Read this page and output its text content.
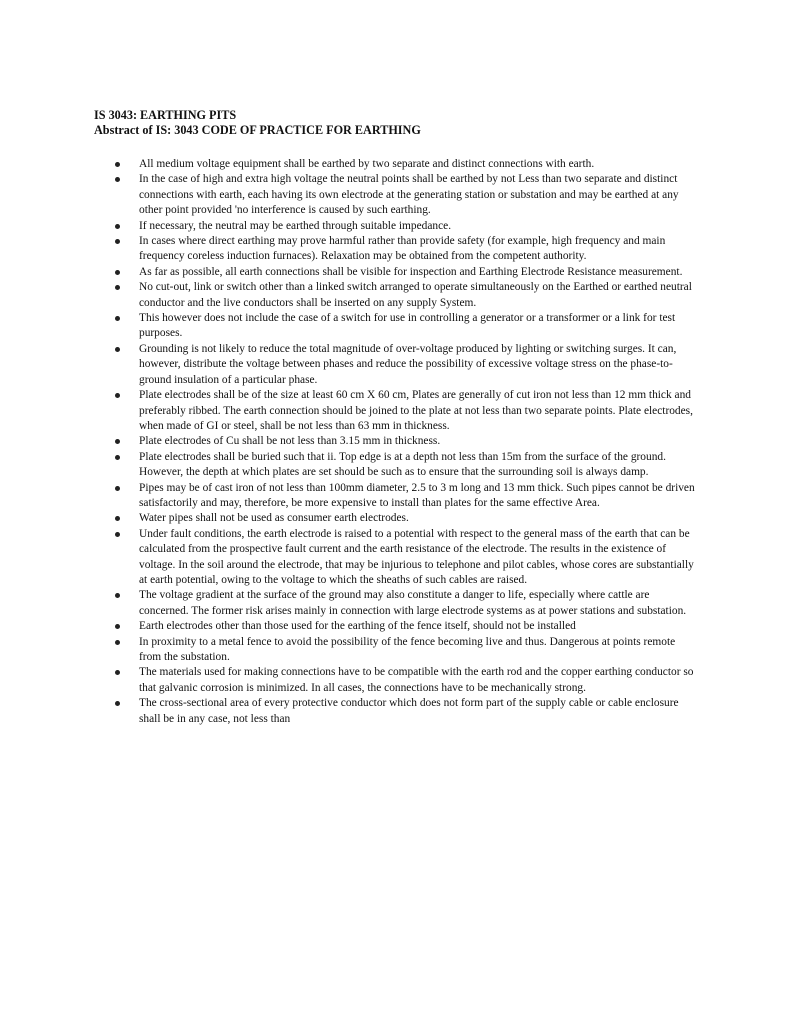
IS 3043: EARTHING PITS

Abstract of IS: 3043 CODE OF PRACTICE FOR EARTHING

All medium voltage equipment shall be earthed by two separate and distinct connections with earth.
In the case of high and extra high voltage the neutral points shall be earthed by not Less than two separate and distinct connections with earth, each having its own electrode at the generating station or substation and may be earthed at any other point provided 'no interference is caused by such earthing.
If necessary, the neutral may be earthed through suitable impedance.
In cases where direct earthing may prove harmful rather than provide safety (for example, high frequency and main frequency coreless induction furnaces). Relaxation may be obtained from the competent authority.
As far as possible, all earth connections shall be visible for inspection and Earthing Electrode Resistance measurement.
No cut-out, link or switch other than a linked switch arranged to operate simultaneously on the Earthed or earthed neutral conductor and the live conductors shall be inserted on any supply System.
This however does not include the case of a switch for use in controlling a generator or a transformer or a link for test purposes.
Grounding is not likely to reduce the total magnitude of over-voltage produced by lighting or switching surges. It can, however, distribute the voltage between phases and reduce the possibility of excessive voltage stress on the phase-to-ground insulation of a particular phase.
Plate electrodes shall be of the size at least 60 cm X 60 cm, Plates are generally of cut iron not less than 12 mm thick and preferably ribbed. The earth connection should be joined to the plate at not less than two separate points. Plate electrodes, when made of GI or steel, shall be not less than 63 mm in thickness.
Plate electrodes of Cu shall be not less than 3.15 mm in thickness.
Plate electrodes shall be buried such that ii. Top edge is at a depth not less than 15m from the surface of the ground. However, the depth at which plates are set should be such as to ensure that the surrounding soil is always damp.
Pipes may be of cast iron of not less than 100mm diameter, 2.5 to 3 m long and 13 mm thick. Such pipes cannot be driven satisfactorily and may, therefore, be more expensive to install than plates for the same effective Area.
Water pipes shall not be used as consumer earth electrodes.
Under fault conditions, the earth electrode is raised to a potential with respect to the general mass of the earth that can be calculated from the prospective fault current and the earth resistance of the electrode. The results in the existence of voltage. In the soil around the electrode, that may be injurious to telephone and pilot cables, whose cores are substantially at earth potential, owing to the voltage to which the sheaths of such cables are raised.
The voltage gradient at the surface of the ground may also constitute a danger to life, especially where cattle are concerned. The former risk arises mainly in connection with large electrode systems as at power stations and substation.
Earth electrodes other than those used for the earthing of the fence itself, should not be installed
In proximity to a metal fence to avoid the possibility of the fence becoming live and thus. Dangerous at points remote from the substation.
The materials used for making connections have to be compatible with the earth rod and the copper earthing conductor so that galvanic corrosion is minimized. In all cases, the connections have to be mechanically strong.
The cross-sectional area of every protective conductor which does not form part of the supply cable or cable enclosure shall be in any case, not less than
